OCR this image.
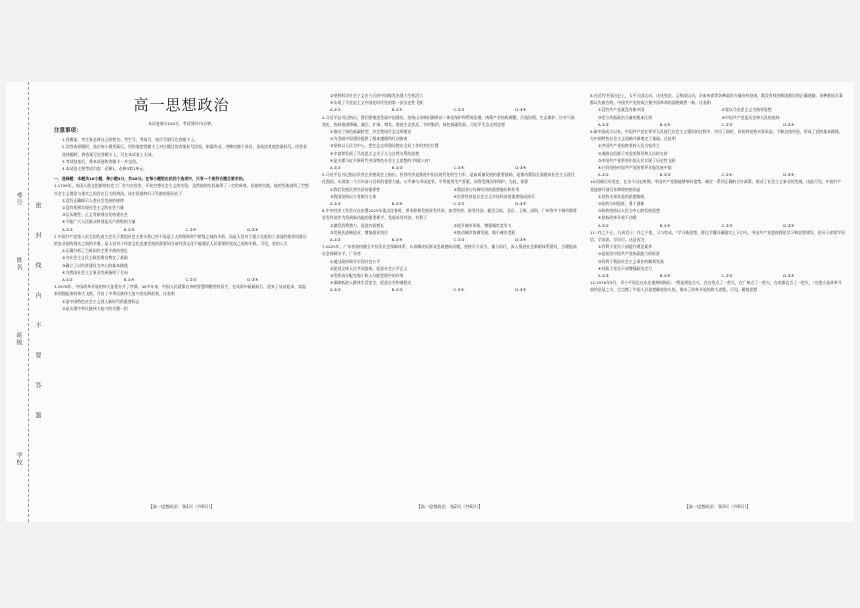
考号
姓名
班级
学校
密
封
线
内
不
要
答
题

高一思想政治

本试卷满分100分，考试用时75分钟。

注意事项：

1.答题前，考生务必将自己的姓名、考生号、考场号、座位号填写在答题卡上。

2.回答选择题时，选出每小题答案后，用铅笔把答题卡上对应题目的答案标号涂黑。如需改动，用橡皮擦干净后，再选涂其他答案标号。回答非选择题时，将答案写在答题卡上。写在本试卷上无效。

3.考试结束后，将本试卷和答题卡一并交回。

4.本试卷主要考试内容：必修1，必修3第1单元。

一、选择题：本题共16小题，每小题3分，共48分。在每小题给出的四个选项中，只有一个是符合题目要求的。

1.1799年，英国人欧文把新纳拉克工厂作为实验室，开始空想社会主义的实验。虽然他的实验取得了一定的成效，但最终失败。他的失败说明了空想社会主义理论与现实之间存在巨大的鸿沟，该实验最终归于失败的原因在于

①没有正确揭示人类社会发展的规律

②没有找到实现社会主义的社会力量

③仅从理性、正义等原则出发构建社会

④不能广大人民群众特别是无产阶级的力量

A.①②	B.①③	C.②④	D.③④

2.中国共产党第八次全国代表大会关于我国社会主要矛盾已经不再是工人阶级和资产阶级之间的矛盾，而是人民对于建立先进的工业国的要求同落后的农业国的现实之间的矛盾，是人民对于经济文化迅速发展的需要同当前经济文化不能满足人民需要的状况之间的矛盾。可见，党的八大

①正确分析了当时国内主要矛盾的变化

②为社会主义民主政治建设奠定了基础

③确立了以经济建设为中心的基本路线

④为我国社会主义事业发展指明了方向

A.①②	B.①④	C.②③	D.③④

3.1978年，中国改革开放的伟大征程拉开了序幕。40多年来，中国人民就靠自身的智慧和勤劳的双手，在风雨中砥砺前行，迎来了从站起来、富起来到强起来的伟大飞跃，开启了中华民族伟大复兴的光辉前景。这表明

①是中国特色社会主义进入新时代的重要标志

②是实现中华民族伟大复兴的关键一招

【高一思想政治　第1页（共6页）】

③坚持科学社会主义在今天的中国焕发出强大生机活力

④实现了马克思主义中国化时代化的第一次历史性飞跃

A.①②	B.①④	C.②③	D.③④

4.习近平总书记指出，我们要推进美丽中国建设，坚持山水林田湖草沙一体化保护和系统治理，统筹产业结构调整、污染治理、生态保护、应对气候变化，协同推进降碳、减污、扩绿、增长，推进生态优先、节约集约、绿色低碳发展。习近平生态文明思想

①推动了绿色低碳转型，决定我国生态文明建设

②为美丽中国建设提供了根本遵循和行动指南

③坚持以人民为中心，把生态文明建设摆在全局工作的突出位置

④丰富和发展了马克思主义关于人与自然关系的思想

④是支撑习近平新时代中国特色社会主义思想的"四梁八柱"

A.①②	B.①③	C.②④	D.③④

5.习近平总书记指出民营企业座谈会上指出，民营经济是推进中国式现代化的生力军，是高质量发展的重要基础，是推动我国全面建成社会主义现代化强国、实现第二个百年奋斗目标的重要力量。公平参与市场竞争，平等使用生产要素，同等受到法律保护。为此，需要

①我们发展民营经济的重要性	②我国非公有制经济的重要地位和作用
③我国坚持以公有制为主体	④民营经济是社会主义市场经济的重要组成部分
A.①②	B.①④	C.②③	D.③④

6.中央经济工作会议在布置2025年重点任务时，要求积极发展首发经济、冰雪经济、银发经济。截至目前，北京、上海、深圳、广州等多个城市都将首发经济作为发展新动能的重要抓手。发展首发经济，有利于

①激发消费潜力，促进内需增长	②提升城市形象，增强城市竞争力
③发展先进制造业，增加就业岗位	④推动城乡协调发展，缩小城乡差距
A.①②	B.①④	C.②③	D.③④

7.2025年，广东省加快健全多层次社会保障体系，认真解决好群众急难愁盼问题，坚持尽力而为、量力而行，深入推进社会救助体系建设，合理提高社会保障水平。广东省

①通过政府调节实现社会公平

②促进全体人民共同富裕，促进社会公平正义

③发挥再分配在缩小收入分配差距中的作用

④保障低收入群体生活安全，促进社会和谐稳定

A.①②	B.①③	C.②④	D.③④
【高一思想政治　第2页（共6页）】

8.在近代中国历史上，太平天国运动、戊戌变法、义和团运动、辛亥革命等各种政治力量纷纷登场，都没有找到救国救民的正确道路。各种救国方案都以失败告终。中国共产党的成立使中国革命的面貌焕然一新。这表明

①没有共产党就没有新中国	②党以马克思主义为指导思想
③党与其他政治力量的根本区别	④中国共产党是历史和人民的选择
A.①③	B.①④	C.②③	D.②④

9.新中国成立以来，中国共产党在领导人民进行社会主义建设的过程中，经历了曲折，但始终坚持实事求是，不断总结经验，形成了党的基本路线，为中国特色社会主义道路开辟奠定了基础。这说明

①中国共产党始终坚持人民当家作主

②道路自信源于对党的领导和人民的支持

③中国共产党带领中国人民实现了历史性飞跃

④只有坚持中国共产党的领导才能发展中国

A.①②	B.①③	C.②④	D.③④

10.回顾百年党史，在各个历史时期，中国共产党都能够审时度势，制定一系列正确的方针政策，推动了社会主义事业的发展。由此可见，中国共产党能够开创百年辉煌的密码是

①坚持实事求是的思想路线

②始终与时俱进，勇于创新

③始终坚持以人民为中心的发展思想

④坚持改革开放不动摇

A.①②	B.①④	C.②③	D.③④

11."作之不止，乃成君子；作之不变，习与性成。"学习新思想，要在学懂弄通做实上下功夫。中国共产党重视理论学习和思想建设，党员干部要学而信、学而思、学而行。这是因为

①有利于党员干部提升理论素养

②是检验中国共产党执政能力的标准

③有利于我国社会主义事业的顺利发展

④有助于党员干部增强政治定力

A.①③	B.①④	C.②③	D.②④

12.1978年9月，邓小平同志在东北视察时指出："我是到处点火，在这里点了一把火，在广州点了一把火，在成都也点了一把火。"这把火是改革开放的星星之火，它点燃了中国人民思想解放的火焰，推动了改革开放的伟大进程。可见，解放思想

【高一思想政治　第3页（共6页）】
